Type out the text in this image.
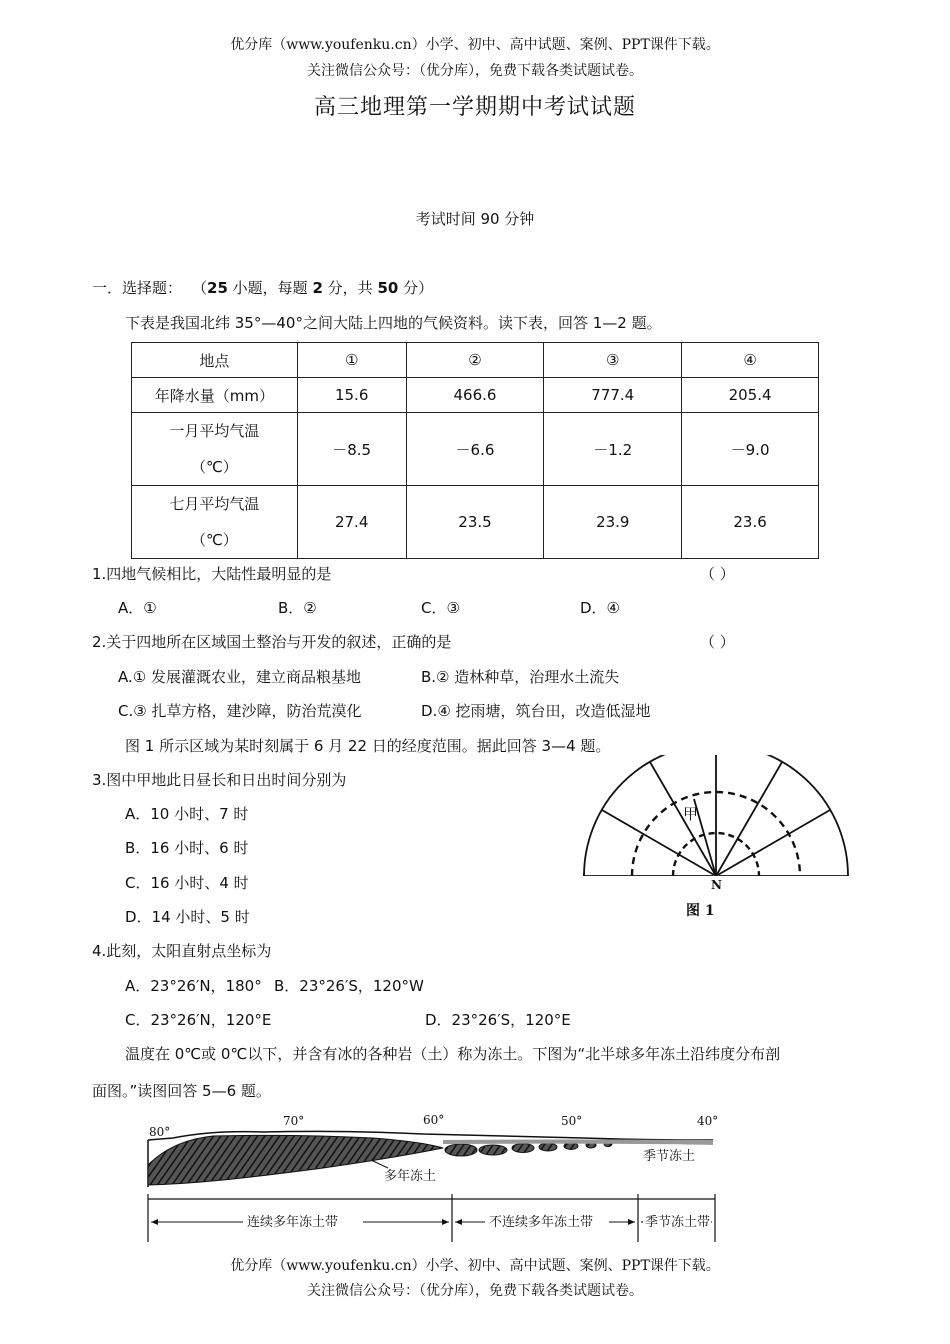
优分库（www.youfenku.cn）小学、初中、高中试题、案例、PPT课件下载。
关注微信公众号：（优分库），免费下载各类试题试卷。
高三地理第一学期期中考试试题
考试时间 90 分钟
一．选择题： （25 小题，每题 2 分，共 50 分）
下表是我国北纬 35°—40°之间大陆上四地的气候资料。读下表，回答 1—2 题。
地点	①	②	③	④
年降水量（mm）	15.6	466.6	777.4	205.4

一月平均气温
（℃）	－8.5	－6.6	－1.2	－9.0

七月平均气温
（℃）	27.4	23.5	23.9	23.6
1.四地气候相比，大陆性最明显的是	（ ）
A．①	B．②	C．③	D．④
2.关于四地所在区域国土整治与开发的叙述，正确的是	（ ）
A.① 发展灌溉农业，建立商品粮基地	B.② 造林种草，治理水土流失
C.③ 扎草方格，建沙障，防治荒漠化	D.④ 挖雨塘，筑台田，改造低湿地
图 1 所示区域为某时刻属于 6 月 22 日的经度范围。据此回答 3—4 题。
3.图中甲地此日昼长和日出时间分别为
A．10 小时、7 时
B．16 小时、6 时
C．16 小时、4 时
D．14 小时、5 时
甲
N
图 1
4.此刻，太阳直射点坐标为
A．23°26′N，180° B．23°26′S，120°W
C．23°26′N，120°E	D．23°26′S，120°E
温度在 0℃或 0℃以下，并含有冰的各种岩（土）称为冻土。下图为“北半球多年冻土沿纬度分布剖
面图。”读图回答 5—6 题。
80°
70°	60°	50°	40°
多年冻土
季节冻土
连续多年冻土带	不连续多年冻土带	季节冻土带
优分库（www.youfenku.cn）小学、初中、高中试题、案例、PPT课件下载。
关注微信公众号：（优分库），免费下载各类试题试卷。
